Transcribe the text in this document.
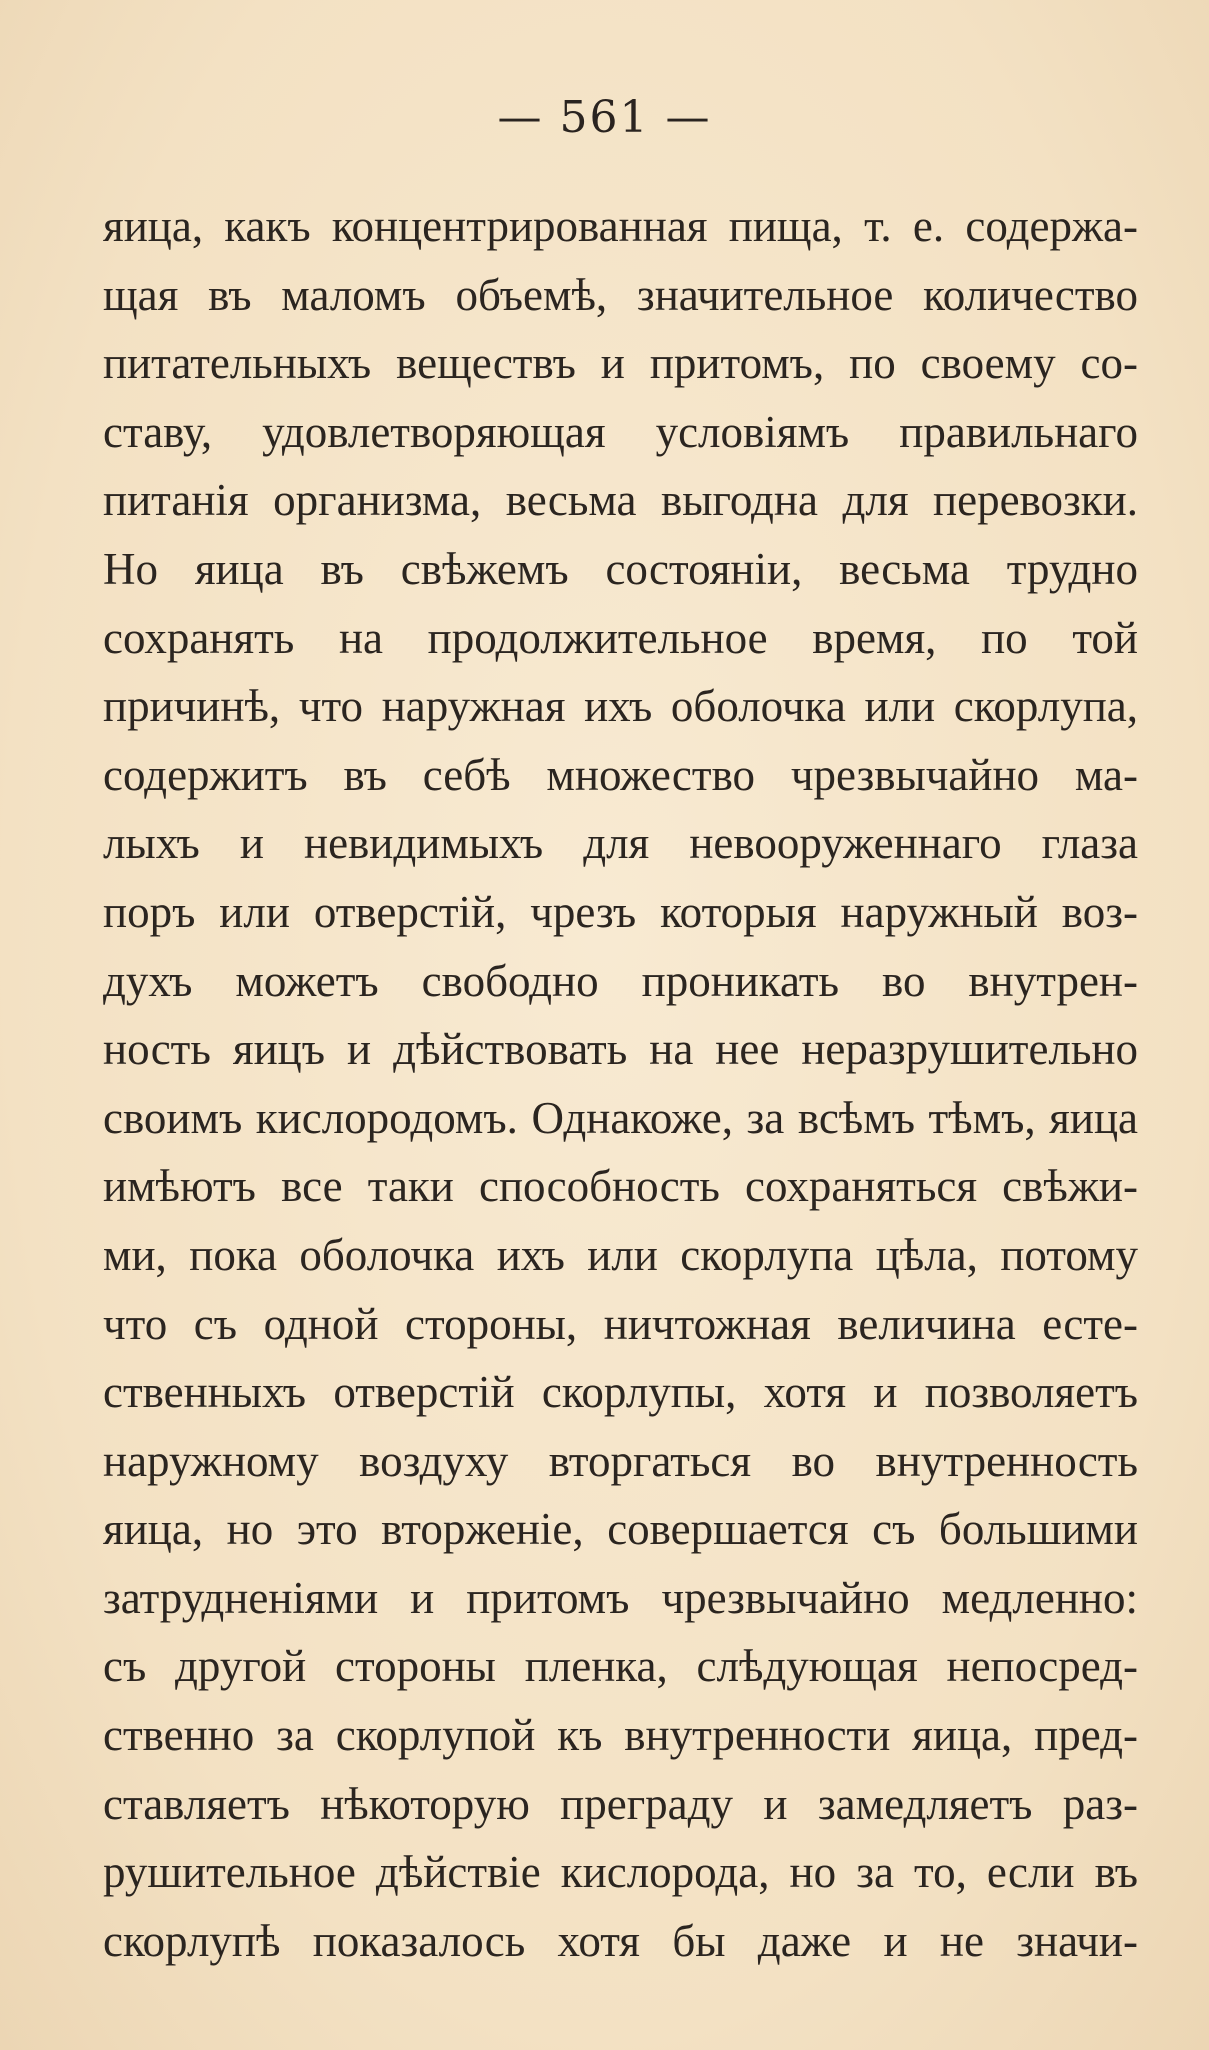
— 561 —
яица, какъ концентрированная пища, т. е. содержа-
щая въ маломъ объемѣ, значительное количество
питательныхъ веществъ и притомъ, по своему со-
ставу, удовлетворяющая условіямъ правильнаго
питанія организма, весьма выгодна для перевозки.
Но яица въ свѣжемъ состояніи, весьма трудно
сохранять на продолжительное время, по той
причинѣ, что наружная ихъ оболочка или скорлупа,
содержитъ въ себѣ множество чрезвычайно ма-
лыхъ и невидимыхъ для невооруженнаго глаза
поръ или отверстій, чрезъ которыя наружный воз-
духъ можетъ свободно проникать во внутрен-
ность яицъ и дѣйствовать на нее неразрушительно
своимъ кислородомъ. Однакоже, за всѣмъ тѣмъ, яица
имѣютъ все таки способность сохраняться свѣжи-
ми, пока оболочка ихъ или скорлупа цѣла, потому
что съ одной стороны, ничтожная величина есте-
ственныхъ отверстій скорлупы, хотя и позволяетъ
наружному воздуху вторгаться во внутренность
яица, но это вторженіе, совершается съ большими
затрудненіями и притомъ чрезвычайно медленно:
съ другой стороны пленка, слѣдующая непосред-
ственно за скорлупой къ внутренности яица, пред-
ставляетъ нѣкоторую преграду и замедляетъ раз-
рушительное дѣйствіе кислорода, но за то, если въ
скорлупѣ показалось хотя бы даже и не значи-
